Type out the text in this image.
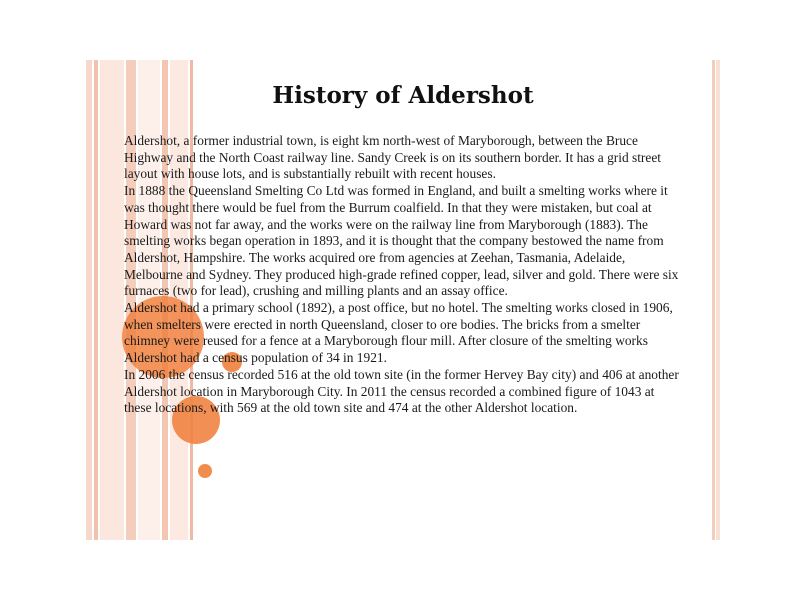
History of Aldershot

Aldershot, a former industrial town, is eight km north-west of Maryborough, between the Bruce Highway and the North Coast railway line. Sandy Creek is on its southern border. It has a grid street layout with house lots, and is substantially rebuilt with recent houses.

In 1888 the Queensland Smelting Co Ltd was formed in England, and built a smelting works where it was thought there would be fuel from the Burrum coalfield. In that they were mistaken, but coal at Howard was not far away, and the works were on the railway line from Maryborough (1883). The smelting works began operation in 1893, and it is thought that the company bestowed the name from Aldershot, Hampshire. The works acquired ore from agencies at Zeehan, Tasmania, Adelaide, Melbourne and Sydney. They produced high-grade refined copper, lead, silver and gold. There were six furnaces (two for lead), crushing and milling plants and an assay office.

Aldershot had a primary school (1892), a post office, but no hotel. The smelting works closed in 1906, when smelters were erected in north Queensland, closer to ore bodies. The bricks from a smelter chimney were reused for a fence at a Maryborough flour mill. After closure of the smelting works Aldershot had a census population of 34 in 1921.

In 2006 the census recorded 516 at the old town site (in the former Hervey Bay city) and 406 at another Aldershot location in Maryborough City. In 2011 the census recorded a combined figure of 1043 at these locations, with 569 at the old town site and 474 at the other Aldershot location.
